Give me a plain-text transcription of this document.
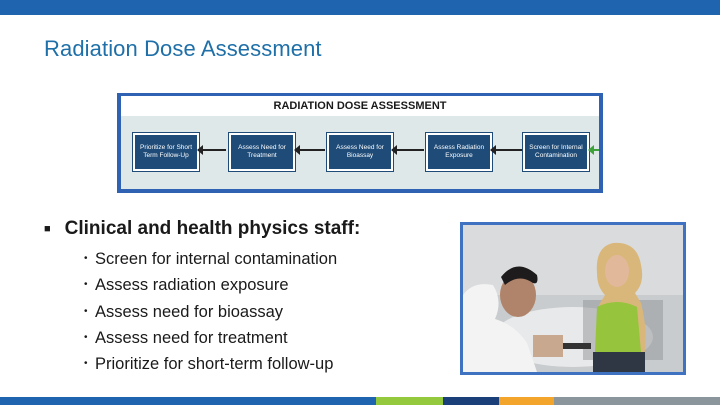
Radiation Dose Assessment
RADIATION DOSE ASSESSMENT
Prioritize for Short Term Follow-Up
Assess Need for Treatment
Assess Need for Bioassay
Assess Radiation Exposure
Screen for Internal Contamination
■ Clinical and health physics staff:
• Screen for internal contamination
• Assess radiation exposure
• Assess need for bioassay
• Assess need for treatment
• Prioritize for short-term follow-up
